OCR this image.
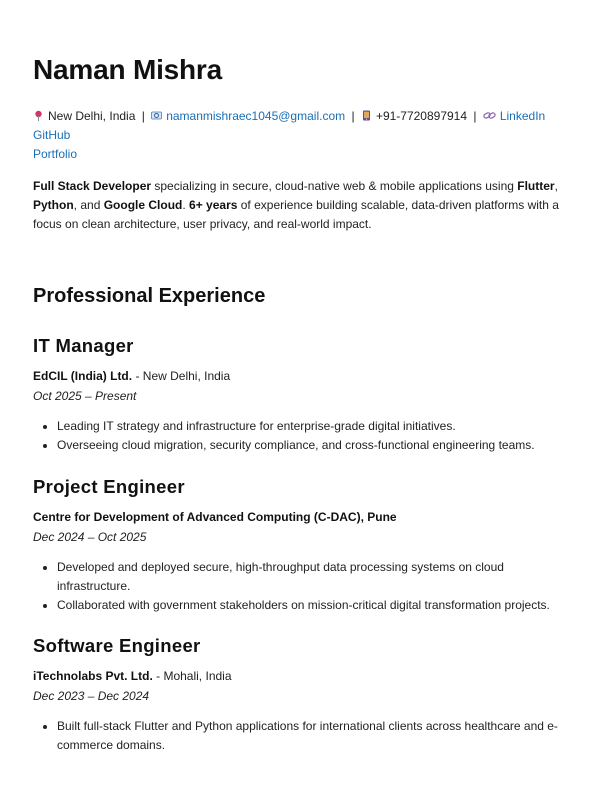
Naman Mishra
New Delhi, India | namanmishraec1045@gmail.com | +91-7720897914 | LinkedIn
GitHub
Portfolio
Full Stack Developer specializing in secure, cloud-native web & mobile applications using Flutter, Python, and Google Cloud. 6+ years of experience building scalable, data-driven platforms with a focus on clean architecture, user privacy, and real-world impact.
Professional Experience
IT Manager
EdCIL (India) Ltd. - New Delhi, India
Oct 2025 – Present
• Leading IT strategy and infrastructure for enterprise-grade digital initiatives.
• Overseeing cloud migration, security compliance, and cross-functional engineering teams.
Project Engineer
Centre for Development of Advanced Computing (C-DAC), Pune
Dec 2024 – Oct 2025
• Developed and deployed secure, high-throughput data processing systems on cloud infrastructure.
• Collaborated with government stakeholders on mission-critical digital transformation projects.
Software Engineer
iTechnolabs Pvt. Ltd. - Mohali, India
Dec 2023 – Dec 2024
• Built full-stack Flutter and Python applications for international clients across healthcare and e-commerce domains.
